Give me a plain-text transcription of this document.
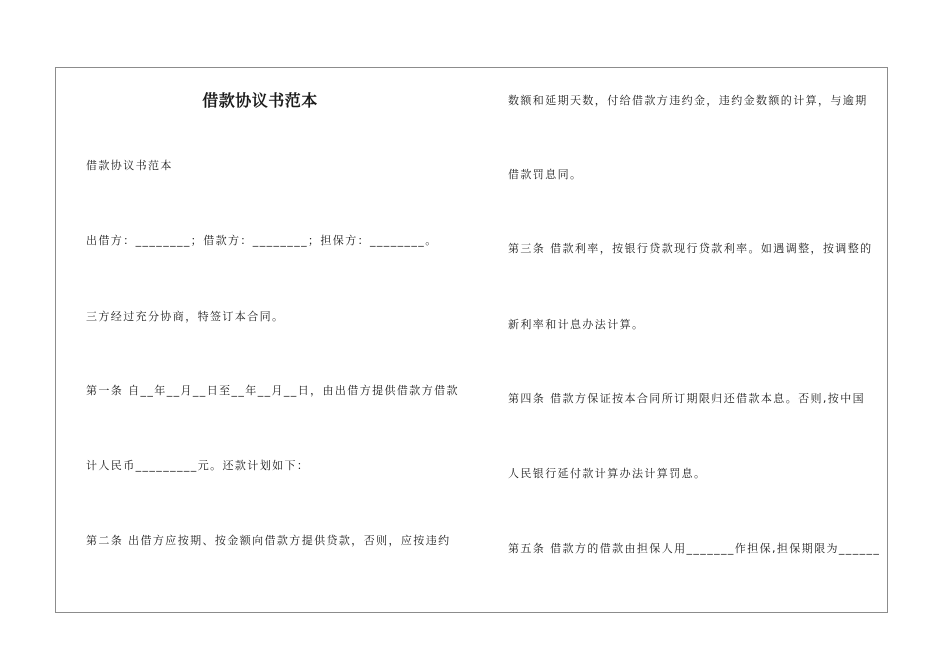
借款协议书范本
借款协议书范本
出借方：________；借款方：________；担保方：________。
三方经过充分协商，特签订本合同。
第一条 自__年__月__日至__年__月__日，由出借方提供借款方借款
计人民币_________元。还款计划如下：
第二条 出借方应按期、按金额向借款方提供贷款，否则，应按违约
数额和延期天数，付给借款方违约金，违约金数额的计算，与逾期
借款罚息同。
第三条 借款利率，按银行贷款现行贷款利率。如遇调整，按调整的
新利率和计息办法计算。
第四条 借款方保证按本合同所订期限归还借款本息。否则,按中国
人民银行延付款计算办法计算罚息。
第五条 借款方的借款由担保人用_______作担保,担保期限为______
